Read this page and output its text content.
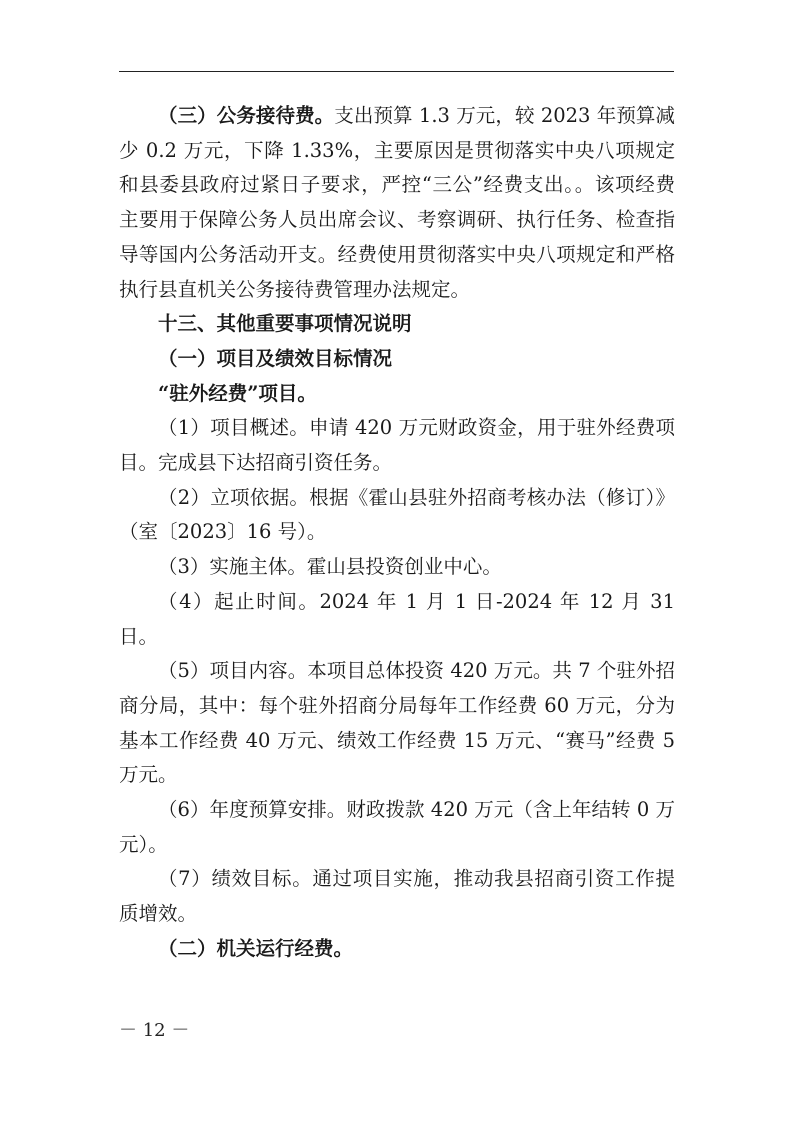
（三）公务接待费。支出预算 1.3 万元，较 2023 年预算减少 0.2 万元，下降 1.33%，主要原因是贯彻落实中央八项规定和县委县政府过紧日子要求，严控“三公”经费支出。。该项经费主要用于保障公务人员出席会议、考察调研、执行任务、检查指导等国内公务活动开支。经费使用贯彻落实中央八项规定和严格执行县直机关公务接待费管理办法规定。

十三、其他重要事项情况说明

（一）项目及绩效目标情况

“驻外经费”项目。

（1）项目概述。申请 420 万元财政资金，用于驻外经费项目。完成县下达招商引资任务。

（2）立项依据。根据《霍山县驻外招商考核办法（修订）》（室〔2023〕16 号）。

（3）实施主体。霍山县投资创业中心。

（4）起止时间。2024 年 1 月 1 日-2024 年 12 月 31 日。

（5）项目内容。本项目总体投资 420 万元。共 7 个驻外招商分局，其中：每个驻外招商分局每年工作经费 60 万元，分为基本工作经费 40 万元、绩效工作经费 15 万元、“赛马”经费 5 万元。

（6）年度预算安排。财政拨款 420 万元（含上年结转 0 万元）。

（7）绩效目标。通过项目实施，推动我县招商引资工作提质增效。

（二）机关运行经费。

－ 12 －
